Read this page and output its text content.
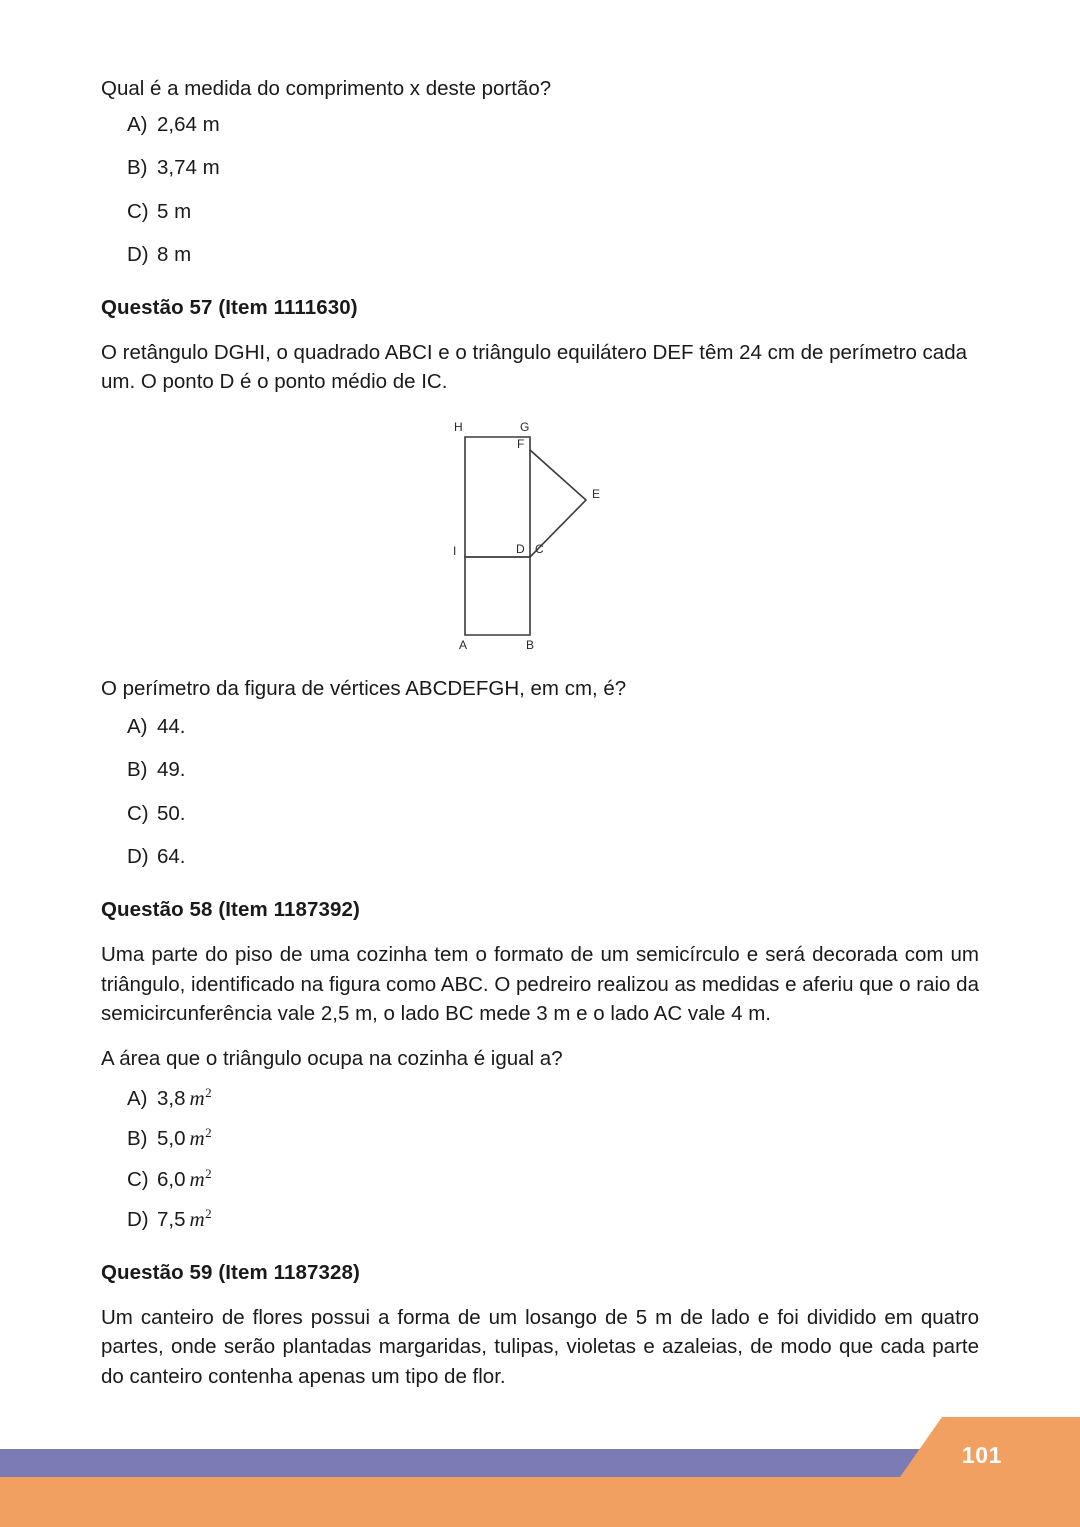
Qual é a medida do comprimento x deste portão?

A) 2,64 m
B) 3,74 m
C) 5 m
D) 8 m
Questão 57 (Item 1111630)

O retângulo DGHI, o quadrado ABCI e o triângulo equilátero DEF têm 24 cm de perímetro cada um. O ponto D é o ponto médio de IC.

H	G
F
E
I	D C
A	B

O perímetro da figura de vértices ABCDEFGH, em cm, é?

A) 44.
B) 49.
C) 50.
D) 64.
Questão 58 (Item 1187392)

Uma parte do piso de uma cozinha tem o formato de um semicírculo e será decorada com um triângulo, identificado na figura como ABC. O pedreiro realizou as medidas e aferiu que o raio da semicircunferência vale 2,5 m, o lado BC mede 3 m e o lado AC vale 4 m.

A área que o triângulo ocupa na cozinha é igual a?

A) 3,8 $m^2$
B) 5,0 $m^2$
C) 6,0 $m^2$
D) 7,5 $m^2$
Questão 59 (Item 1187328)

Um canteiro de flores possui a forma de um losango de 5 m de lado e foi dividido em quatro partes, onde serão plantadas margaridas, tulipas, violetas e azaleias, de modo que cada parte do canteiro contenha apenas um tipo de flor.

101
